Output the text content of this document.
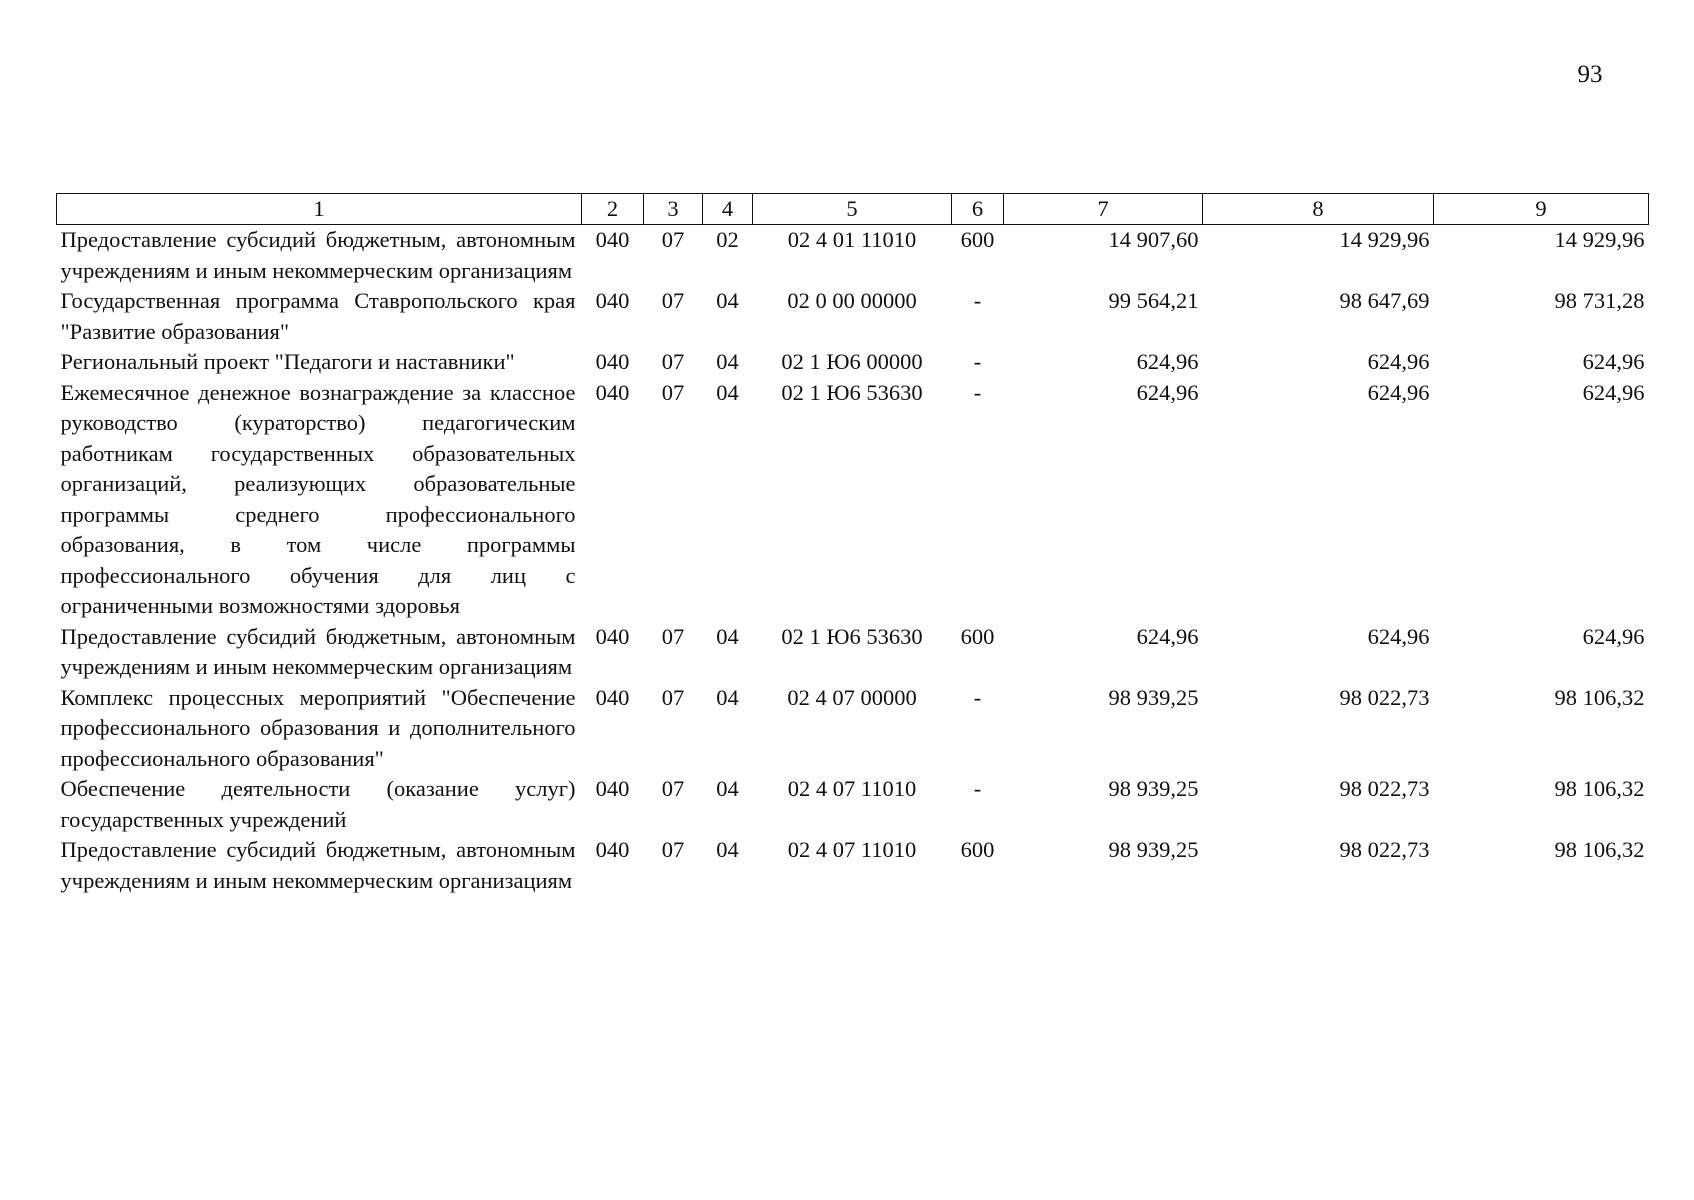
93
1	2	3	4	5	6	7	8	9
Предоставление субсидий бюджетным, автономным учреждениям и иным некоммерческим организациям	040	07	02	02 4 01 11010	600	14 907,60	14 929,96	14 929,96
Государственная программа Ставропольского края "Развитие образования"	040	07	04	02 0 00 00000	-	99 564,21	98 647,69	98 731,28
Региональный проект "Педагоги и наставники"	040	07	04	02 1 Ю6 00000	-	624,96	624,96	624,96
Ежемесячное денежное вознаграждение за классное руководство (кураторство) педагогическим работникам государственных образовательных организаций, реализующих образовательные программы среднего профессионального образования, в том числе программы профессионального обучения для лиц с ограниченными возможностями здоровья	040	07	04	02 1 Ю6 53630	-	624,96	624,96	624,96
Предоставление субсидий бюджетным, автономным учреждениям и иным некоммерческим организациям	040	07	04	02 1 Ю6 53630	600	624,96	624,96	624,96
Комплекс процессных мероприятий "Обеспечение профессионального образования и дополнительного профессионального образования"	040	07	04	02 4 07 00000	-	98 939,25	98 022,73	98 106,32
Обеспечение деятельности (оказание услуг) государственных учреждений	040	07	04	02 4 07 11010	-	98 939,25	98 022,73	98 106,32
Предоставление субсидий бюджетным, автономным учреждениям и иным некоммерческим организациям	040	07	04	02 4 07 11010	600	98 939,25	98 022,73	98 106,32
